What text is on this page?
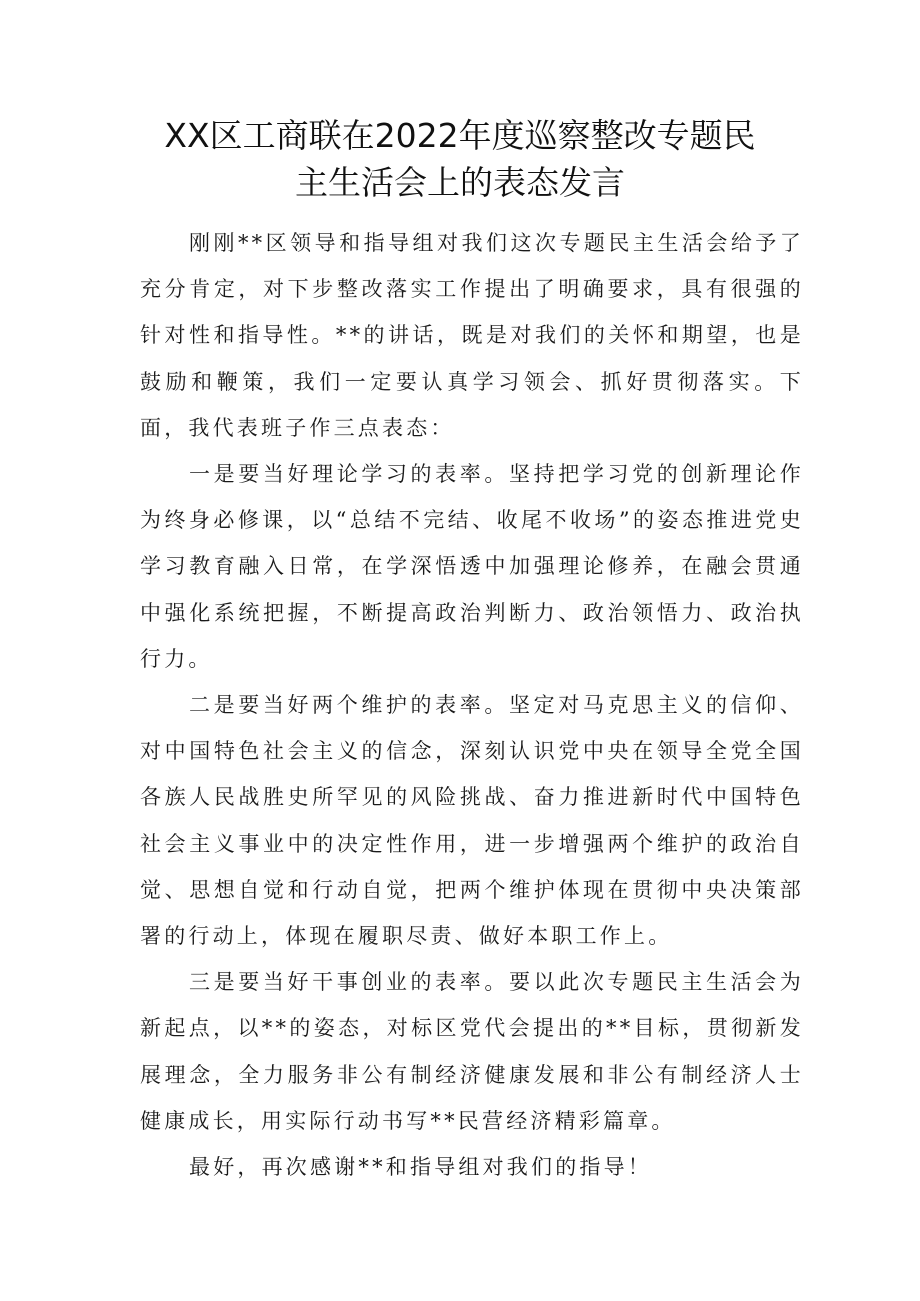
XX区工商联在2022年度巡察整改专题民
主生活会上的表态发言

刚刚**区领导和指导组对我们这次专题民主生活会给予了充分肯定，对下步整改落实工作提出了明确要求，具有很强的针对性和指导性。**的讲话，既是对我们的关怀和期望，也是鼓励和鞭策，我们一定要认真学习领会、抓好贯彻落实。下面，我代表班子作三点表态：

一是要当好理论学习的表率。坚持把学习党的创新理论作为终身必修课，以“总结不完结、收尾不收场”的姿态推进党史学习教育融入日常，在学深悟透中加强理论修养，在融会贯通中强化系统把握，不断提高政治判断力、政治领悟力、政治执行力。

二是要当好两个维护的表率。坚定对马克思主义的信仰、对中国特色社会主义的信念，深刻认识党中央在领导全党全国各族人民战胜史所罕见的风险挑战、奋力推进新时代中国特色社会主义事业中的决定性作用，进一步增强两个维护的政治自觉、思想自觉和行动自觉，把两个维护体现在贯彻中央决策部署的行动上，体现在履职尽责、做好本职工作上。

三是要当好干事创业的表率。要以此次专题民主生活会为新起点，以**的姿态，对标区党代会提出的**目标，贯彻新发展理念，全力服务非公有制经济健康发展和非公有制经济人士健康成长，用实际行动书写**民营经济精彩篇章。

最好，再次感谢**和指导组对我们的指导！
